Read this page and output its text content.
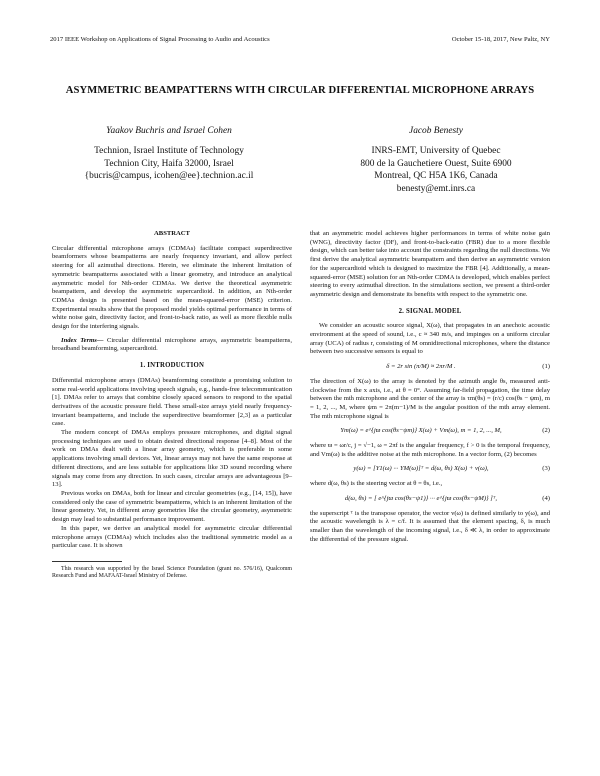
2017 IEEE Workshop on Applications of Signal Processing to Audio and Acoustics	October 15-18, 2017, New Paltz, NY
ASYMMETRIC BEAMPATTERNS WITH CIRCULAR DIFFERENTIAL MICROPHONE ARRAYS
Yaakov Buchris and Israel Cohen
Technion, Israel Institute of Technology
Technion City, Haifa 32000, Israel
{bucris@campus, icohen@ee}.technion.ac.il
Jacob Benesty
INRS-EMT, University of Quebec
800 de la Gauchetiere Ouest, Suite 6900
Montreal, QC H5A 1K6, Canada
benesty@emt.inrs.ca
ABSTRACT

Circular differential microphone arrays (CDMAs) facilitate compact superdirective beamformers whose beampatterns are nearly frequency invariant, and allow perfect steering for all azimuthal directions. Herein, we eliminate the inherent limitation of symmetric beampatterns associated with a linear geometry, and introduce an analytical asymmetric model for Nth-order CDMAs. We derive the theoretical asymmetric beampattern, and develop the asymmetric supercardioid. In addition, an Nth-order CDMAs design is presented based on the mean-squared-error (MSE) criterion. Experimental results show that the proposed model yields optimal performance in terms of white noise gain, directivity factor, and front-to-back ratio, as well as more flexible nulls design for the interfering signals.

Index Terms— Circular differential microphone arrays, asymmetric beampatterns, broadband beamforming, supercardioid.

1. INTRODUCTION

Differential microphone arrays (DMAs) beamforming constitute a promising solution to some real-world applications involving speech signals, e.g., hands-free telecommunication [1]. DMAs refer to arrays that combine closely spaced sensors to respond to the spatial derivatives of the acoustic pressure field. These small-size arrays yield nearly frequency-invariant beampatterns, and include the superdirective beamformer [2,3] as a particular case.

The modern concept of DMAs employs pressure microphones, and digital signal processing techniques are used to obtain desired directional response [4–8]. Most of the work on DMAs dealt with a linear array geometry, which is preferable in some applications involving small devices. Yet, linear arrays may not have the same response at different directions, and are less suitable for applications like 3D sound recording where signals may come from any direction. In such cases, circular arrays are advantageous [9–13].

Previous works on DMAs, both for linear and circular geometries (e.g., [14, 15]), have considered only the case of symmetric beampatterns, which is an inherent limitation of the linear geometry. Yet, in different array geometries like the circular geometry, asymmetric design may lead to substantial performance improvement.

In this paper, we derive an analytical model for asymmetric circular differential microphone arrays (CDMAs) which includes also the traditional symmetric model as a particular case. It is shown

This research was supported by the Israel Science Foundation (grant no. 576/16), Qualcomm Research Fund and MAFAAT-Israel Ministry of Defense.

that an asymmetric model achieves higher performances in terms of white noise gain (WNG), directivity factor (DF), and front-to-back-ratio (FBR) due to a more flexible design, which can better take into account the constraints regarding the null directions. We first derive the analytical asymmetric beampattern and then derive an asymmetric version for the supercardioid which is designed to maximize the FBR [4]. Additionally, a mean-squared-error (MSE) solution for an Nth-order CDMA is developed, which enables perfect steering to every azimuthal direction. In the simulations section, we present a third-order asymmetric design and demonstrate its benefits with respect to the symmetric one.

2. SIGNAL MODEL

We consider an acoustic source signal, X(ω), that propagates in an anechoic acoustic environment at the speed of sound, i.e., c ≈ 340 m/s, and impinges on a uniform circular array (UCA) of radius r, consisting of M omnidirectional microphones, where the distance between two successive sensors is equal to

δ = 2r sin (π/M) ≈ 2πr/M .	(1)

The direction of X(ω) to the array is denoted by the azimuth angle θs, measured anti-clockwise from the x axis, i.e., at θ = 0°. Assuming far-field propagation, the time delay between the mth microphone and the center of the array is τm(θs) = (r/c) cos(θs − ψm), m = 1, 2, ..., M, where ψm = 2π(m−1)/M is the angular position of the mth array element. The mth microphone signal is

Ym(ω) = e^{jϖ cos(θs−ψm)} X(ω) + Vm(ω), m = 1, 2, ..., M,	(2)

where ϖ = ωr/c, j = √−1, ω = 2πf is the angular frequency, f > 0 is the temporal frequency, and Vm(ω) is the additive noise at the mth microphone. In a vector form, (2) becomes

y(ω) = [Y1(ω) ··· YM(ω)]ᵀ = d(ω, θs) X(ω) + v(ω),	(3)

where d(ω, θs) is the steering vector at θ = θs, i.e.,

d(ω, θs) = [ e^{jϖ cos(θs−ψ1)} ··· e^{jϖ cos(θs−ψM)} ]ᵀ,	(4)

the superscript ᵀ is the transpose operator, the vector v(ω) is defined similarly to y(ω), and the acoustic wavelength is λ = c/f. It is assumed that the element spacing, δ, is much smaller than the wavelength of the incoming signal, i.e., δ ≪ λ, in order to approximate the differential of the pressure signal.
